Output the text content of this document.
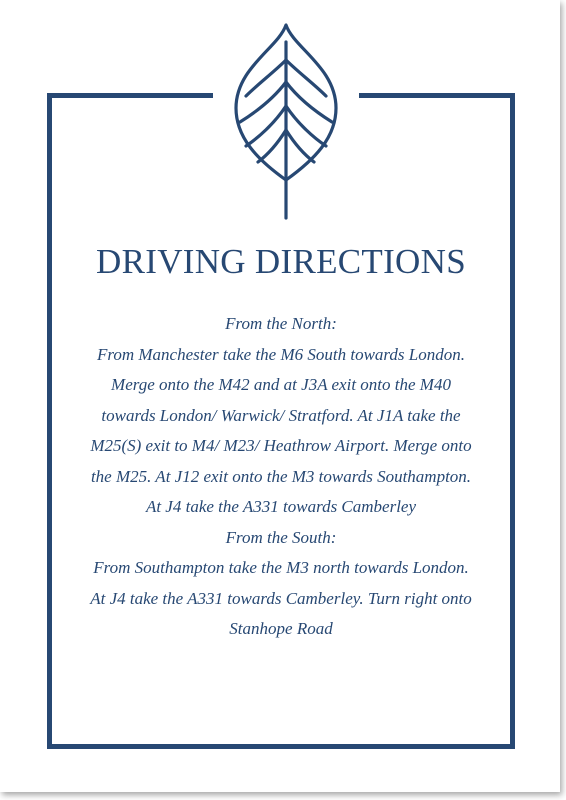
DRIVING DIRECTIONS

From the North:

From Manchester take the M6 South towards London.

Merge onto the M42 and at J3A exit onto the M40

towards London/ Warwick/ Stratford. At J1A take the

M25(S) exit to M4/ M23/ Heathrow Airport. Merge onto

the M25. At J12 exit onto the M3 towards Southampton.

At J4 take the A331 towards Camberley

From the South:

From Southampton take the M3 north towards London.

At J4 take the A331 towards Camberley. Turn right onto

Stanhope Road
